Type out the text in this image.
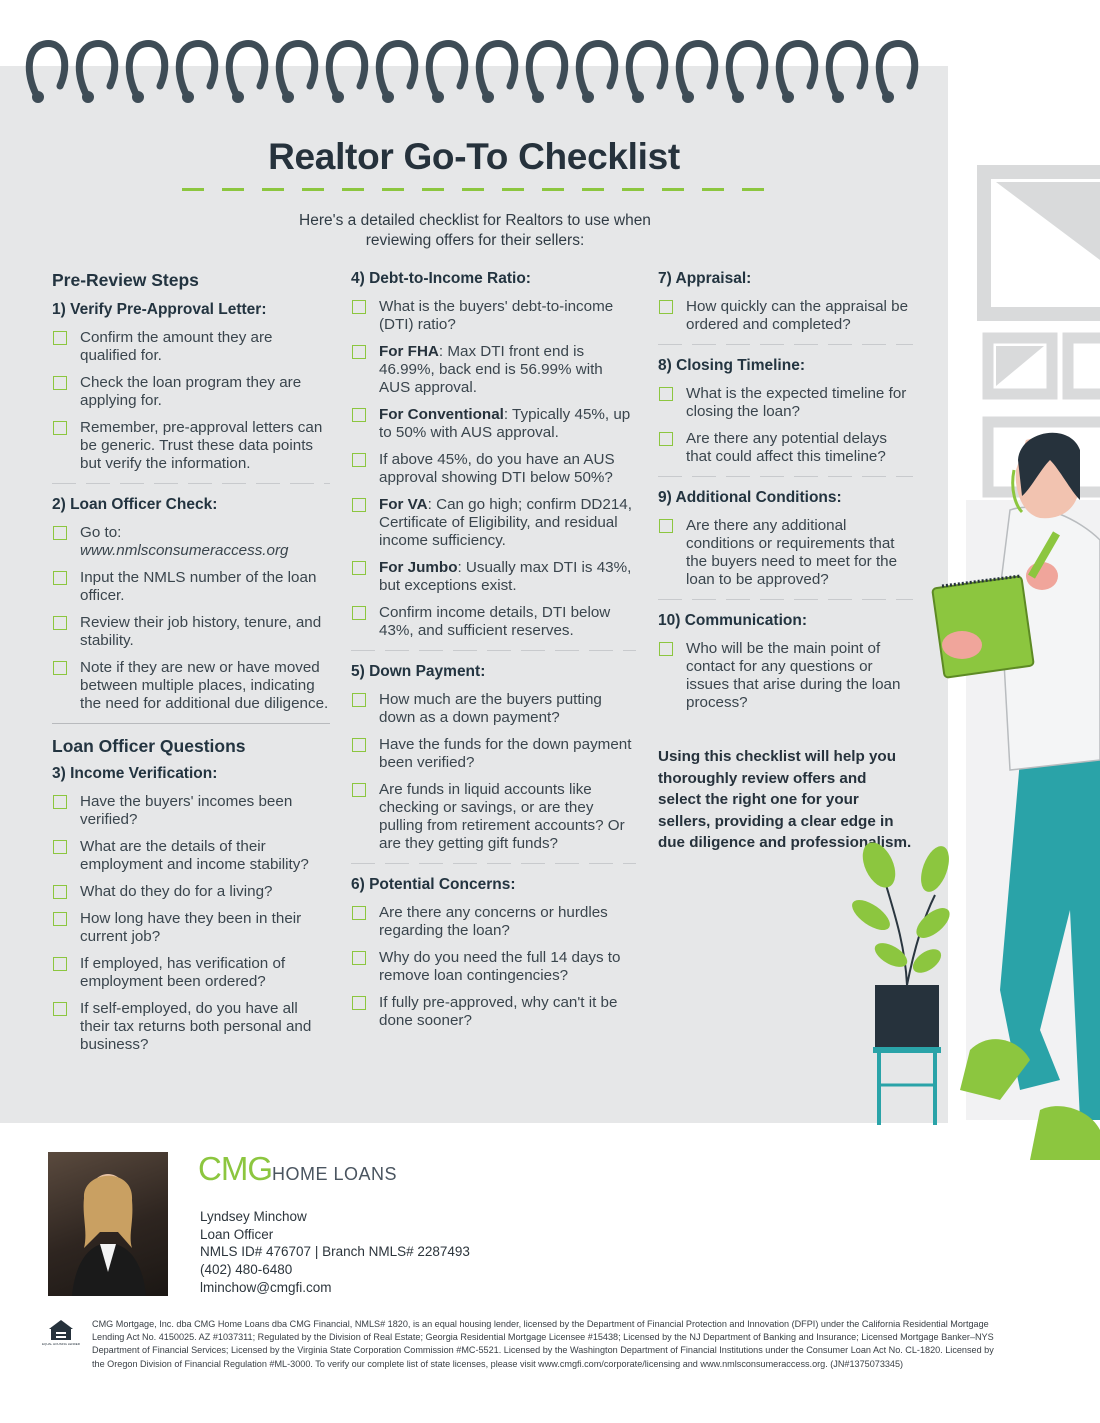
Realtor Go-To Checklist
Here's a detailed checklist for Realtors to use when reviewing offers for their sellers:
Pre-Review Steps
1) Verify Pre-Approval Letter:
Confirm the amount they are qualified for.
Check the loan program they are applying for.
Remember, pre-approval letters can be generic. Trust these data points but verify the information.
2) Loan Officer Check:
Go to:
www.nmlsconsumeraccess.org
Input the NMLS number of the loan officer.
Review their job history, tenure, and stability.
Note if they are new or have moved between multiple places, indicating the need for additional due diligence.
Loan Officer Questions
3) Income Verification:
Have the buyers' incomes been verified?
What are the details of their employment and income stability?
What do they do for a living?
How long have they been in their current job?
If employed, has verification of employment been ordered?
If self-employed, do you have all their tax returns both personal and business?
4) Debt-to-Income Ratio:
What is the buyers' debt-to-income (DTI) ratio?
For FHA: Max DTI front end is 46.99%, back end is 56.99% with AUS approval.
For Conventional: Typically 45%, up to 50% with AUS approval.
If above 45%, do you have an AUS approval showing DTI below 50%?
For VA: Can go high; confirm DD214, Certificate of Eligibility, and residual income sufficiency.
For Jumbo: Usually max DTI is 43%, but exceptions exist.
Confirm income details, DTI below 43%, and sufficient reserves.
5) Down Payment:
How much are the buyers putting down as a down payment?
Have the funds for the down payment been verified?
Are funds in liquid accounts like checking or savings, or are they pulling from retirement accounts? Or are they getting gift funds?
6) Potential Concerns:
Are there any concerns or hurdles regarding the loan?
Why do you need the full 14 days to remove loan contingencies?
If fully pre-approved, why can't it be done sooner?
7) Appraisal:
How quickly can the appraisal be ordered and completed?
8) Closing Timeline:
What is the expected timeline for closing the loan?
Are there any potential delays that could affect this timeline?
9) Additional Conditions:
Are there any additional conditions or requirements that the buyers need to meet for the loan to be approved?
10) Communication:
Who will be the main point of contact for any questions or issues that arise during the loan process?
Using this checklist will help you thoroughly review offers and select the right one for your sellers, providing a clear edge in due diligence and professionalism.
CMGHOME LOANS
Lyndsey Minchow
Loan Officer
NMLS ID# 476707 | Branch NMLS# 2287493
(402) 480-6480
lminchow@cmgfi.com
EQUAL HOUSING LENDER
CMG Mortgage, Inc. dba CMG Home Loans dba CMG Financial, NMLS# 1820, is an equal housing lender, licensed by the Department of Financial Protection and Innovation (DFPI) under the California Residential Mortgage Lending Act No. 4150025. AZ #1037311; Regulated by the Division of Real Estate; Georgia Residential Mortgage Licensee #15438; Licensed by the NJ Department of Banking and Insurance; Licensed Mortgage Banker–NYS Department of Financial Services; Licensed by the Virginia State Corporation Commission #MC-5521. Licensed by the Washington Department of Financial Institutions under the Consumer Loan Act No. CL-1820. Licensed by the Oregon Division of Financial Regulation #ML-3000. To verify our complete list of state licenses, please visit www.cmgfi.com/corporate/licensing and www.nmlsconsumeraccess.org. (JN#1375073345)
